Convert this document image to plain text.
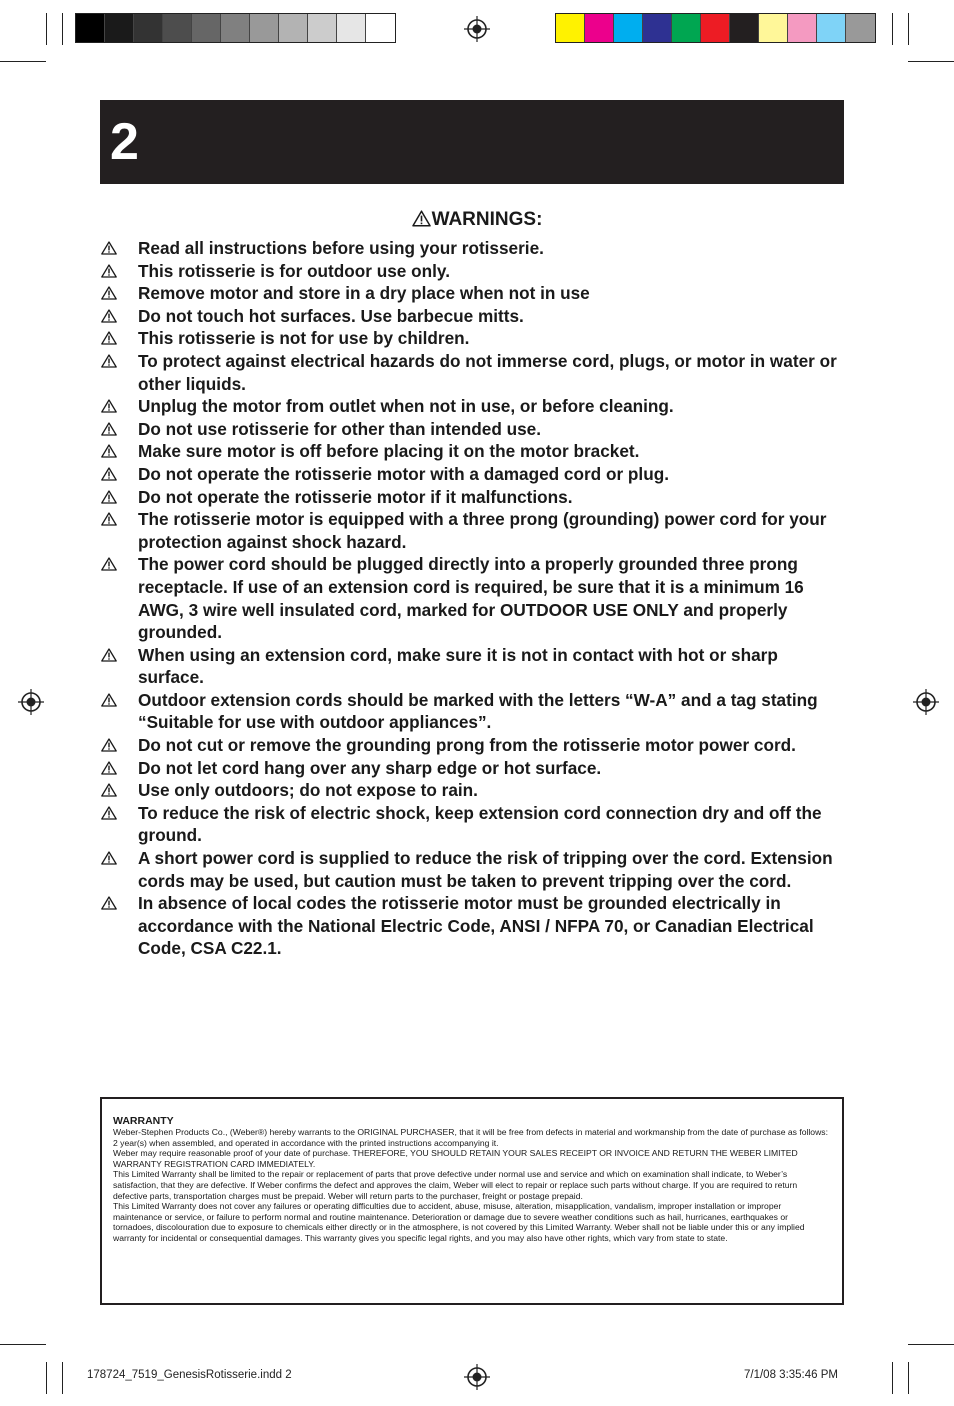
2
WARNINGS:
Read all instructions before using your rotisserie.
This rotisserie is for outdoor use only.
Remove motor and store in a dry place when not in use
Do not touch hot surfaces. Use barbecue mitts.
This rotisserie is not for use by children.
To protect against electrical hazards do not immerse cord, plugs, or motor in water or other liquids.
Unplug the motor from outlet when not in use, or before cleaning.
Do not use rotisserie for other than intended use.
Make sure motor is off before placing it on the motor bracket.
Do not operate the rotisserie motor with a damaged cord or plug.
Do not operate the rotisserie motor if it malfunctions.
The rotisserie motor is equipped with a three prong (grounding) power cord for your protection against shock hazard.
The power cord should be plugged directly into a properly grounded three prong receptacle. If use of an extension cord is required, be sure that it is a minimum 16 AWG, 3 wire well insulated cord, marked for OUTDOOR USE ONLY and properly grounded.
When using an extension cord, make sure it is not in contact with hot or sharp surface.
Outdoor extension cords should be marked with the letters “W-A” and a tag stating “Suitable for use with outdoor appliances”.
Do not cut or remove the grounding prong from the rotisserie motor power cord.
Do not let cord hang over any sharp edge or hot surface.
Use only outdoors; do not expose to rain.
To reduce the risk of electric shock, keep extension cord connection dry and off the ground.
A short power cord is supplied to reduce the risk of tripping over the cord. Extension cords may be used, but caution must be taken to prevent tripping over the cord.
In absence of local codes the rotisserie motor must be grounded electrically in accordance with the National Electric Code, ANSI / NFPA 70, or Canadian Electrical Code, CSA C22.1.
WARRANTY

Weber-Stephen Products Co., (Weber®) hereby warrants to the ORIGINAL PURCHASER, that it will be free from defects in material and workmanship from the date of purchase as follows: 2 year(s) when assembled, and operated in accordance with the printed instructions accompanying it.

Weber may require reasonable proof of your date of purchase. THEREFORE, YOU SHOULD RETAIN YOUR SALES RECEIPT OR INVOICE AND RETURN THE WEBER LIMITED WARRANTY REGISTRATION CARD IMMEDIATELY.

This Limited Warranty shall be limited to the repair or replacement of parts that prove defective under normal use and service and which on examination shall indicate, to Weber’s satisfaction, that they are defective. If Weber confirms the defect and approves the claim, Weber will elect to repair or replace such parts without charge. If you are required to return defective parts, transportation charges must be prepaid. Weber will return parts to the purchaser, freight or postage prepaid.

This Limited Warranty does not cover any failures or operating difficulties due to accident, abuse, misuse, alteration, misapplication, vandalism, improper installation or improper maintenance or service, or failure to perform normal and routine maintenance. Deterioration or damage due to severe weather conditions such as hail, hurricanes, earthquakes or tornadoes, discolouration due to exposure to chemicals either directly or in the atmosphere, is not covered by this Limited Warranty. Weber shall not be liable under this or any implied warranty for incidental or consequential damages. This warranty gives you specific legal rights, and you may also have other rights, which vary from state to state.

178724_7519_GenesisRotisserie.indd 2	7/1/08 3:35:46 PM
